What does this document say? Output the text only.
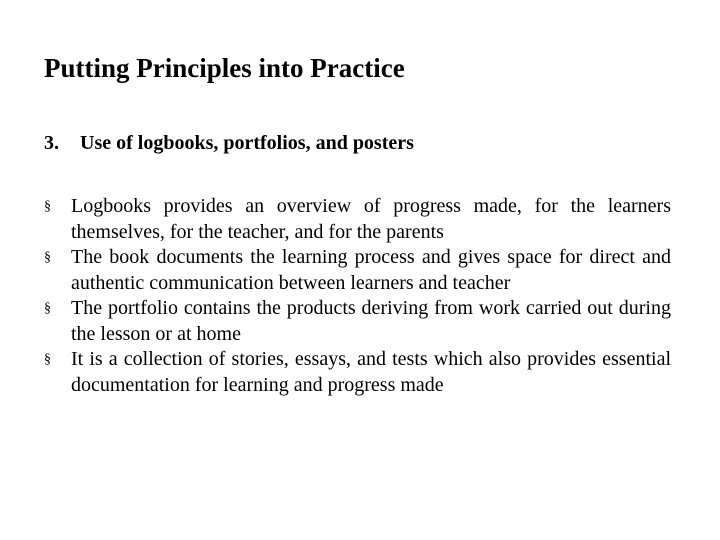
Putting Principles into Practice
3. Use of logbooks, portfolios, and posters
§	Logbooks provides an overview of progress made, for the learners themselves, for the teacher, and for the parents
§	The book documents the learning process and gives space for direct and authentic communication between learners and teacher
§	The portfolio contains the products deriving from work carried out during the lesson or at home
§	It is a collection of stories, essays, and tests which also provides essential documentation for learning and progress made
